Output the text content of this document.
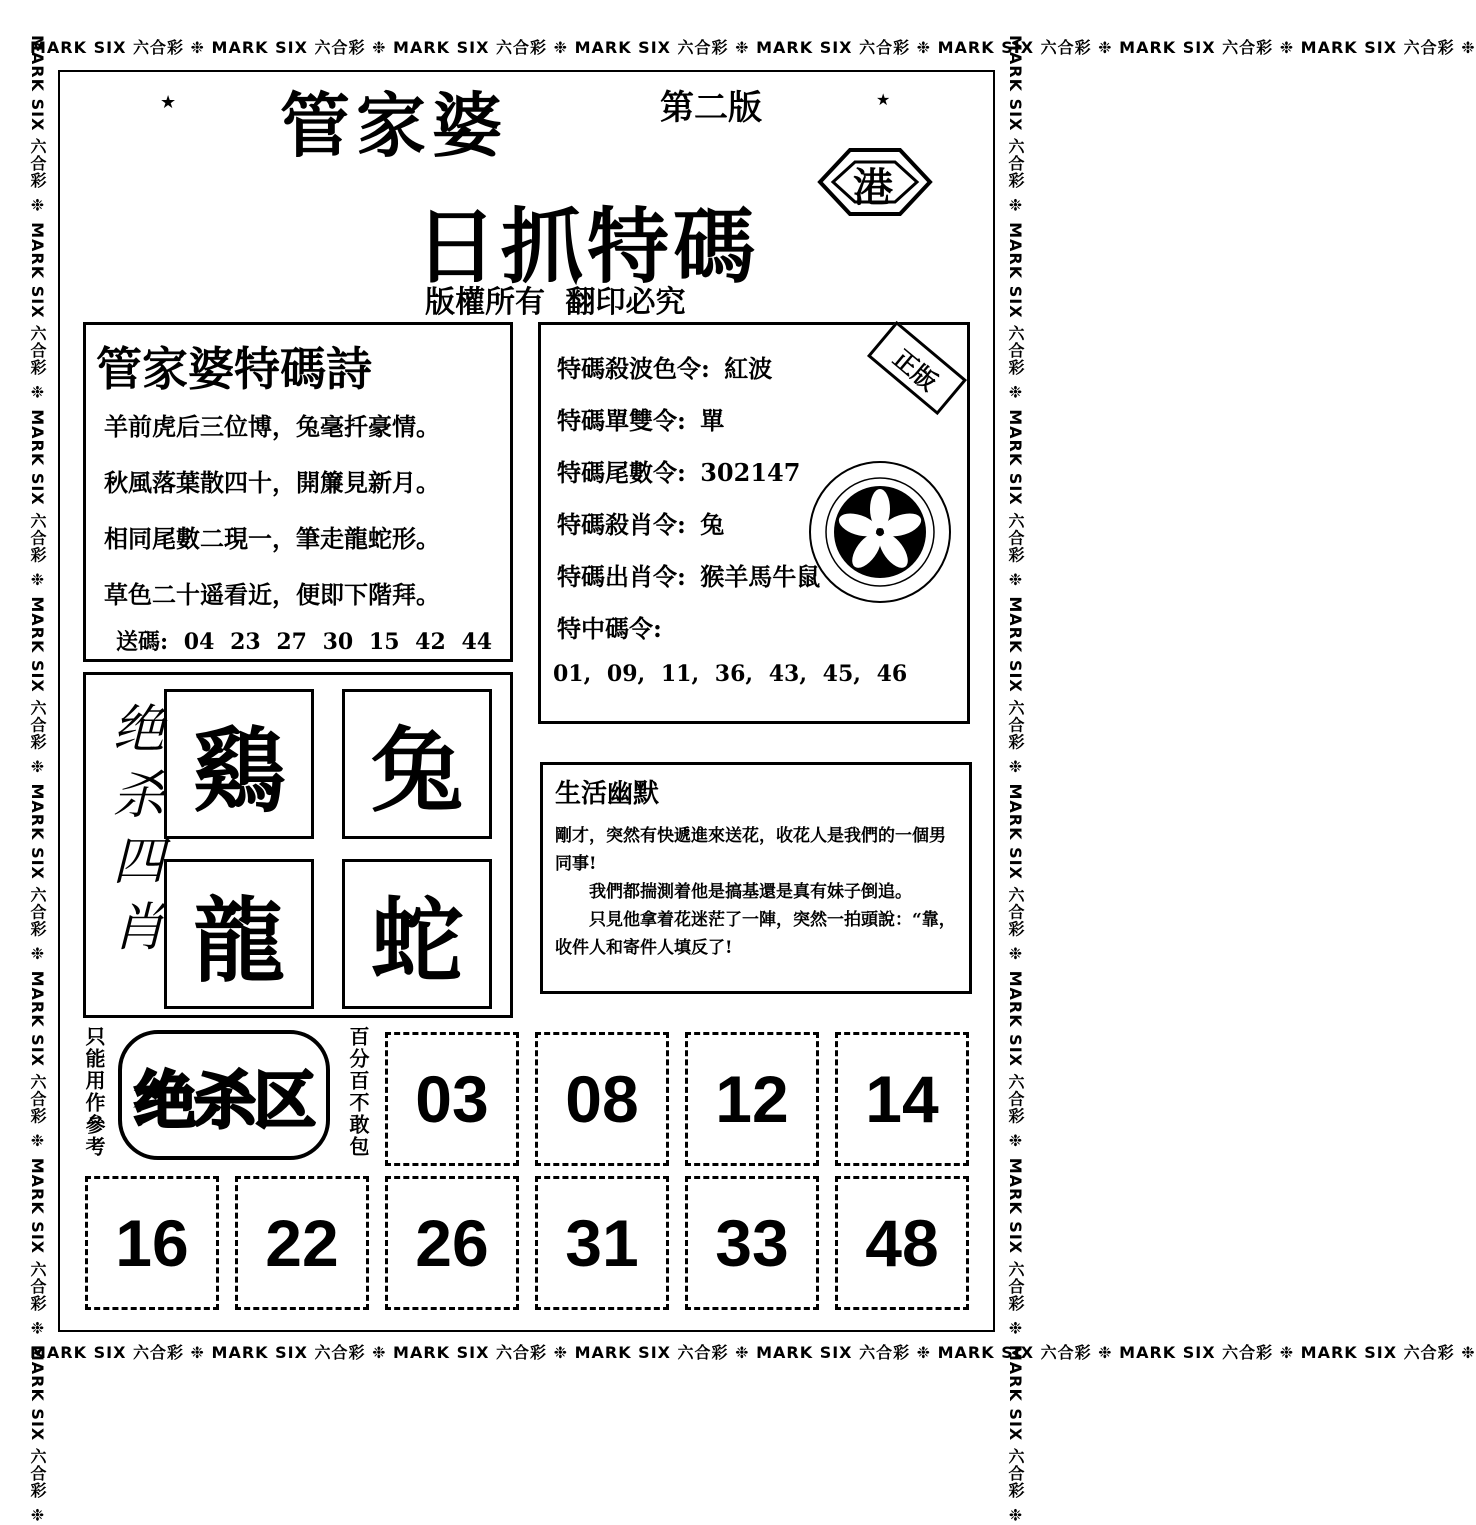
MARK SIX 六合彩 ❉ MARK SIX 六合彩 ❉ MARK SIX 六合彩 ❉ MARK SIX 六合彩 ❉ MARK SIX 六合彩 ❉ MARK SIX 六合彩 ❉ MARK SIX 六合彩 ❉ MARK SIX 六合彩 ❉
MARK SIX 六合彩 ❉ MARK SIX 六合彩 ❉ MARK SIX 六合彩 ❉ MARK SIX 六合彩 ❉ MARK SIX 六合彩 ❉ MARK SIX 六合彩 ❉ MARK SIX 六合彩 ❉ MARK SIX 六合彩 ❉
MARK SIX 六合彩 ❉ MARK SIX 六合彩 ❉ MARK SIX 六合彩 ❉ MARK SIX 六合彩 ❉ MARK SIX 六合彩 ❉ MARK SIX 六合彩 ❉ MARK SIX 六合彩 ❉ MARK SIX 六合彩 ❉	MARK SIX 六合彩 ❉ MARK SIX 六合彩 ❉ MARK SIX 六合彩 ❉ MARK SIX 六合彩 ❉ MARK SIX 六合彩 ❉ MARK SIX 六合彩 ❉ MARK SIX 六合彩 ❉ MARK SIX 六合彩 ❉
★	★
管家婆	第二版
日抓特碼
版權所有 翻印必究
港
管家婆特碼詩
羊前虎后三位博，兔毫扦豪情。
秋風落葉散四十，開簾見新月。
相同尾數二現一，筆走龍蛇形。
草色二十遥看近，便即下階拜。
送碼: 04 23 27 30 15 42 44
特碼殺波色令: 紅波
特碼單雙令: 單
特碼尾數令: 302147
特碼殺肖令: 兔
特碼出肖令: 猴羊馬牛鼠
特中碼令:
01, 09, 11, 36, 43, 45, 46
正版
绝杀四肖 鷄 兔
龍 蛇
生活幽默

剛才，突然有快遞進來送花，收花人是我們的一個男同事!

我們都揣測着他是搞基還是真有妹子倒追。

只見他拿着花迷茫了一陣，突然一拍頭說：“靠，收件人和寄件人填反了!

只能用作參考 绝杀区 百分百不敢包 03	08	12	14
16	22	26	31	33	48
